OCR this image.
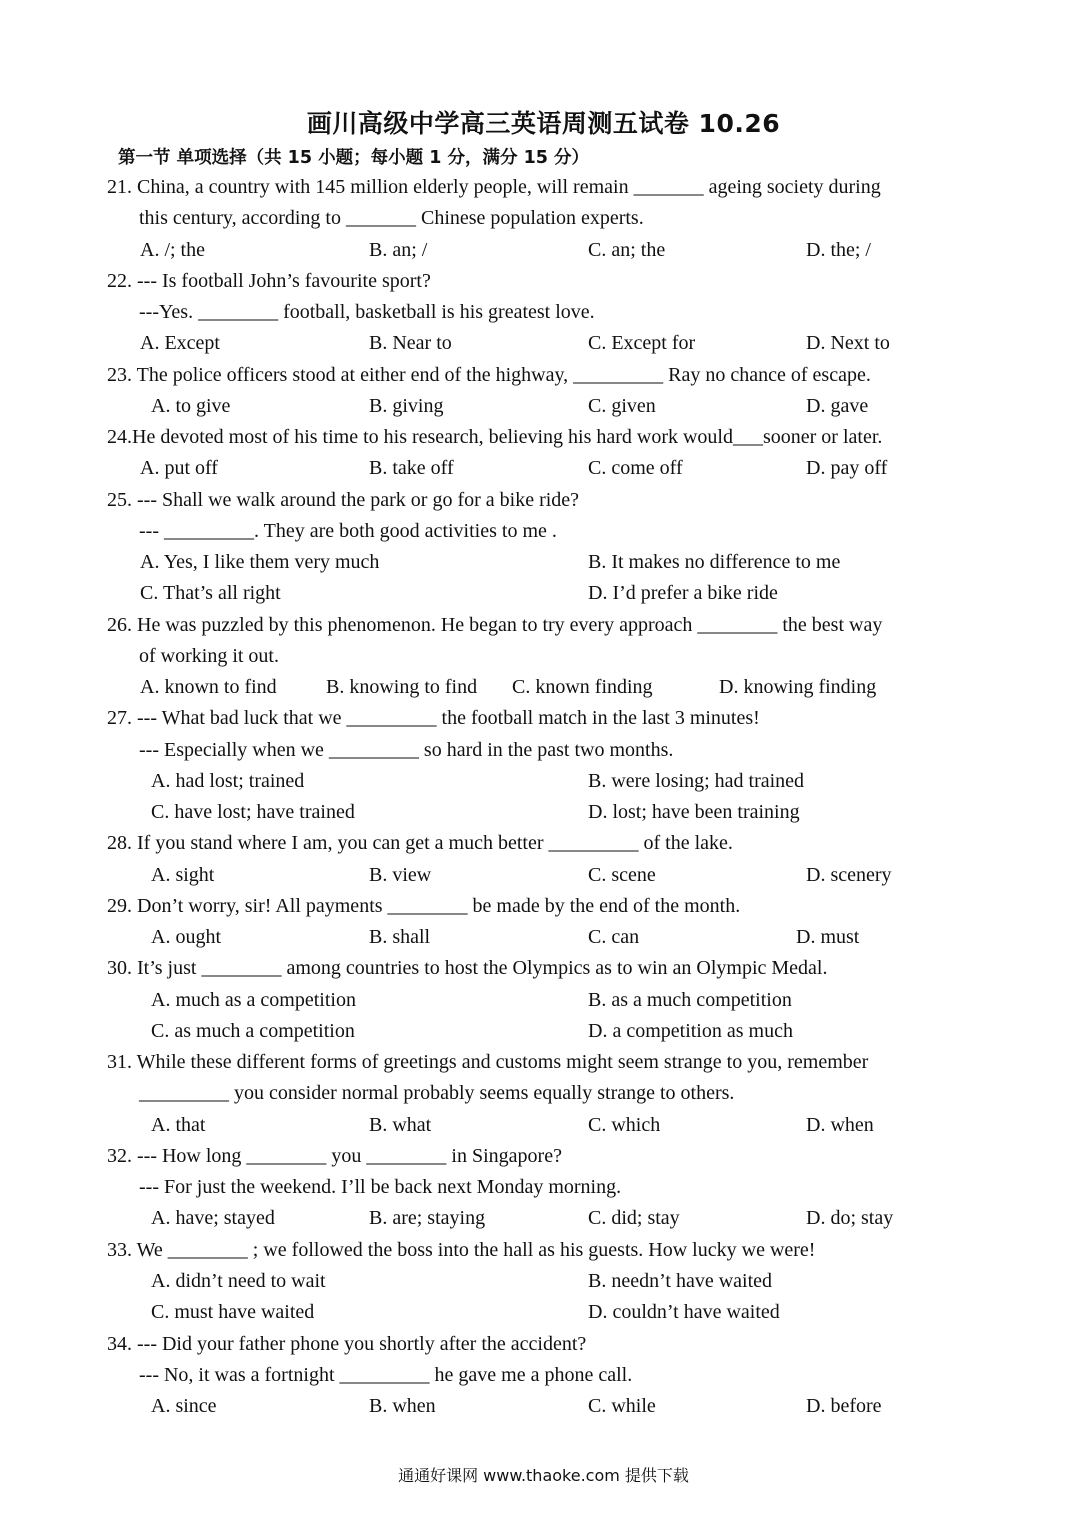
画川高级中学高三英语周测五试卷 10.26
第一节 单项选择（共 15 小题；每小题 1 分，满分 15 分）
21. China, a country with 145 million elderly people, will remain _______ ageing society during
this century, according to _______ Chinese population experts.
A. /; the	B. an; /	C. an; the	D. the; /
22. --- Is football John’s favourite sport?
---Yes. ________ football, basketball is his greatest love.
A. Except	B. Near to	C. Except for	D. Next to
23. The police officers stood at either end of the highway, _________ Ray no chance of escape.
A. to give	B. giving	C. given	D. gave
24.He devoted most of his time to his research, believing his hard work would___sooner or later.
A. put off	B. take off	C. come off	D. pay off
25. --- Shall we walk around the park or go for a bike ride?
--- _________. They are both good activities to me .
A. Yes, I like them very much	B. It makes no difference to me
C. That’s all right	D. I’d prefer a bike ride
26. He was puzzled by this phenomenon. He began to try every approach ________ the best way
of working it out.
A. known to find B. knowing to find C. known finding	D. knowing finding
27. --- What bad luck that we _________ the football match in the last 3 minutes!
--- Especially when we _________ so hard in the past two months.
A. had lost; trained	B. were losing; had trained
C. have lost; have trained	D. lost; have been training
28. If you stand where I am, you can get a much better _________ of the lake.
A. sight	B. view	C. scene	D. scenery
29. Don’t worry, sir! All payments ________ be made by the end of the month.
A. ought	B. shall	C. can	D. must
30. It’s just ________ among countries to host the Olympics as to win an Olympic Medal.
A. much as a competition	B. as a much competition
C. as much a competition	D. a competition as much
31. While these different forms of greetings and customs might seem strange to you, remember
_________ you consider normal probably seems equally strange to others.
A. that	B. what	C. which	D. when
32. --- How long ________ you ________ in Singapore?
--- For just the weekend. I’ll be back next Monday morning.
A. have; stayed	B. are; staying	C. did; stay	D. do; stay
33. We ________ ; we followed the boss into the hall as his guests. How lucky we were!
A. didn’t need to wait	B. needn’t have waited
C. must have waited	D. couldn’t have waited
34. --- Did your father phone you shortly after the accident?
--- No, it was a fortnight _________ he gave me a phone call.
A. since	B. when	C. while	D. before
通通好课网 www.thaoke.com 提供下载
